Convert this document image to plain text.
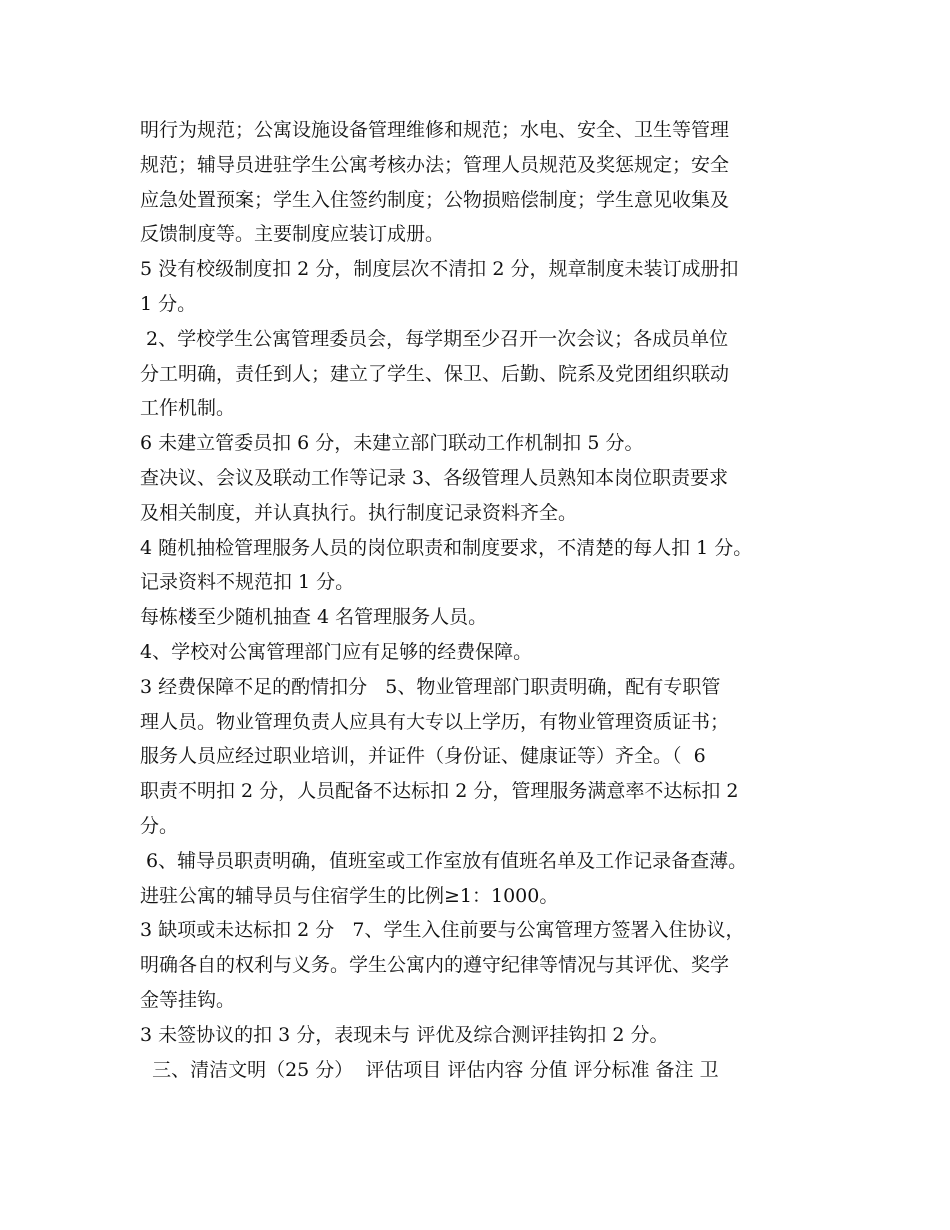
明行为规范；公寓设施设备管理维修和规范；水电、安全、卫生等管理
规范；辅导员进驻学生公寓考核办法；管理人员规范及奖惩规定；安全
应急处置预案；学生入住签约制度；公物损赔偿制度；学生意见收集及
反馈制度等。主要制度应装订成册。
5 没有校级制度扣 2 分，制度层次不清扣 2 分，规章制度未装订成册扣
1 分。
2、学校学生公寓管理委员会，每学期至少召开一次会议；各成员单位
分工明确，责任到人；建立了学生、保卫、后勤、院系及党团组织联动
工作机制。
6 未建立管委员扣 6 分，未建立部门联动工作机制扣 5 分。
查决议、会议及联动工作等记录 3、各级管理人员熟知本岗位职责要求
及相关制度，并认真执行。执行制度记录资料齐全。
4 随机抽检管理服务人员的岗位职责和制度要求，不清楚的每人扣 1 分。
记录资料不规范扣 1 分。
每栋楼至少随机抽查 4 名管理服务人员。
4、学校对公寓管理部门应有足够的经费保障。
3 经费保障不足的酌情扣分   5、物业管理部门职责明确，配有专职管
理人员。物业管理负责人应具有大专以上学历，有物业管理资质证书；
服务人员应经过职业培训，并证件（身份证、健康证等）齐全。（  6
职责不明扣 2 分，人员配备不达标扣 2 分，管理服务满意率不达标扣 2
分。
6、辅导员职责明确，值班室或工作室放有值班名单及工作记录备查薄。
进驻公寓的辅导员与住宿学生的比例≥1：1000。
3 缺项或未达标扣 2 分   7、学生入住前要与公寓管理方签署入住协议，
明确各自的权利与义务。学生公寓内的遵守纪律等情况与其评优、奖学
金等挂钩。
3 未签协议的扣 3 分，表现未与 评优及综合测评挂钩扣 2 分。
三、清洁文明（25 分）  评估项目 评估内容 分值 评分标准 备注 卫
